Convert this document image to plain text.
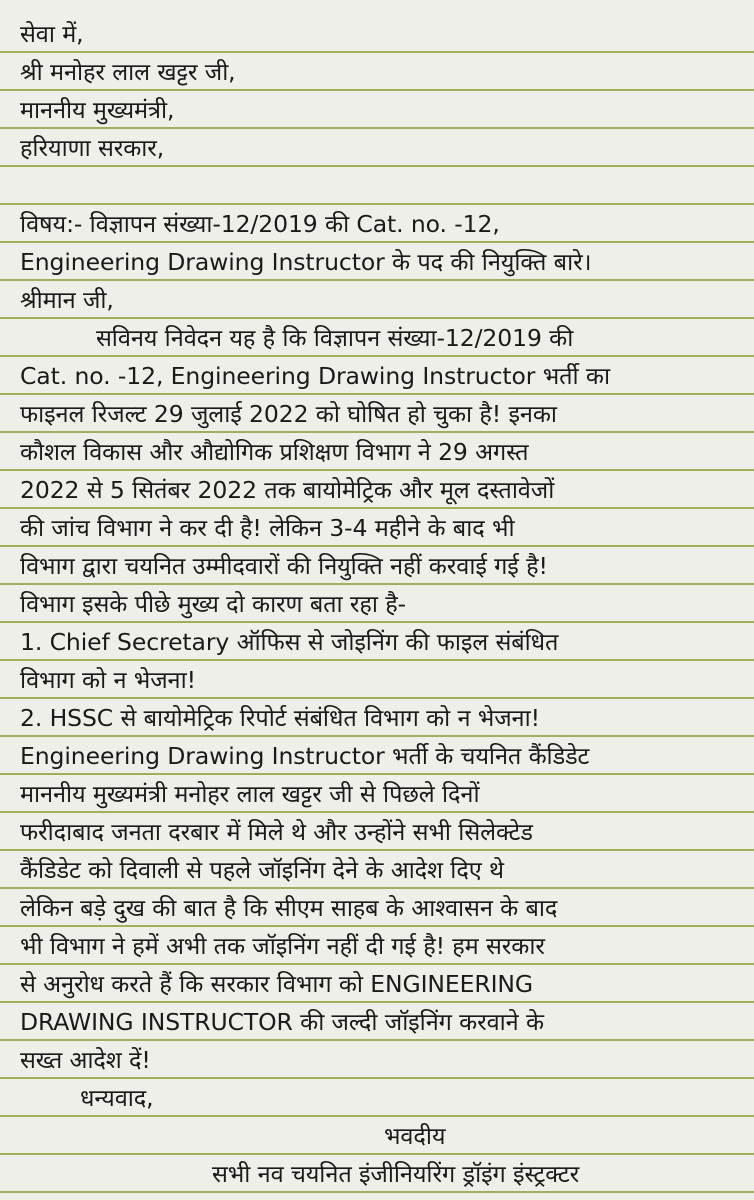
सेवा में,
श्री मनोहर लाल खट्टर जी,
माननीय मुख्यमंत्री,
हरियाणा सरकार,
विषय:- विज्ञापन संख्या-12/2019 की Cat. no. -12,
Engineering Drawing Instructor के पद की नियुक्ति बारे।
श्रीमान जी,
सविनय निवेदन यह है कि विज्ञापन संख्या-12/2019 की
Cat. no. -12, Engineering Drawing Instructor भर्ती का
फाइनल रिजल्ट 29 जुलाई 2022 को घोषित हो चुका है! इनका
कौशल विकास और औद्योगिक प्रशिक्षण विभाग ने 29 अगस्त
2022 से 5 सितंबर 2022 तक बायोमेट्रिक और मूल दस्तावेजों
की जांच विभाग ने कर दी है! लेकिन 3-4 महीने के बाद भी
विभाग द्वारा चयनित उम्मीदवारों की नियुक्ति नहीं करवाई गई है!
विभाग इसके पीछे मुख्य दो कारण बता रहा है-
1. Chief Secretary ऑफिस से जोइनिंग की फाइल संबंधित
विभाग को न भेजना!
2. HSSC से बायोमेट्रिक रिपोर्ट संबंधित विभाग को न भेजना!
Engineering Drawing Instructor भर्ती के चयनित कैंडिडेट
माननीय मुख्यमंत्री मनोहर लाल खट्टर जी से पिछले दिनों
फरीदाबाद जनता दरबार में मिले थे और उन्होंने सभी सिलेक्टेड
कैंडिडेट को दिवाली से पहले जॉइनिंग देने के आदेश दिए थे
लेकिन बड़े दुख की बात है कि सीएम साहब के आश्वासन के बाद
भी विभाग ने हमें अभी तक जॉइनिंग नहीं दी गई है! हम सरकार
से अनुरोध करते हैं कि सरकार विभाग को ENGINEERING
DRAWING INSTRUCTOR की जल्दी जॉइनिंग करवाने के
सख्त आदेश दें!
धन्यवाद,
भवदीय
सभी नव चयनित इंजीनियरिंग ड्रॉइंग इंस्ट्रक्टर
